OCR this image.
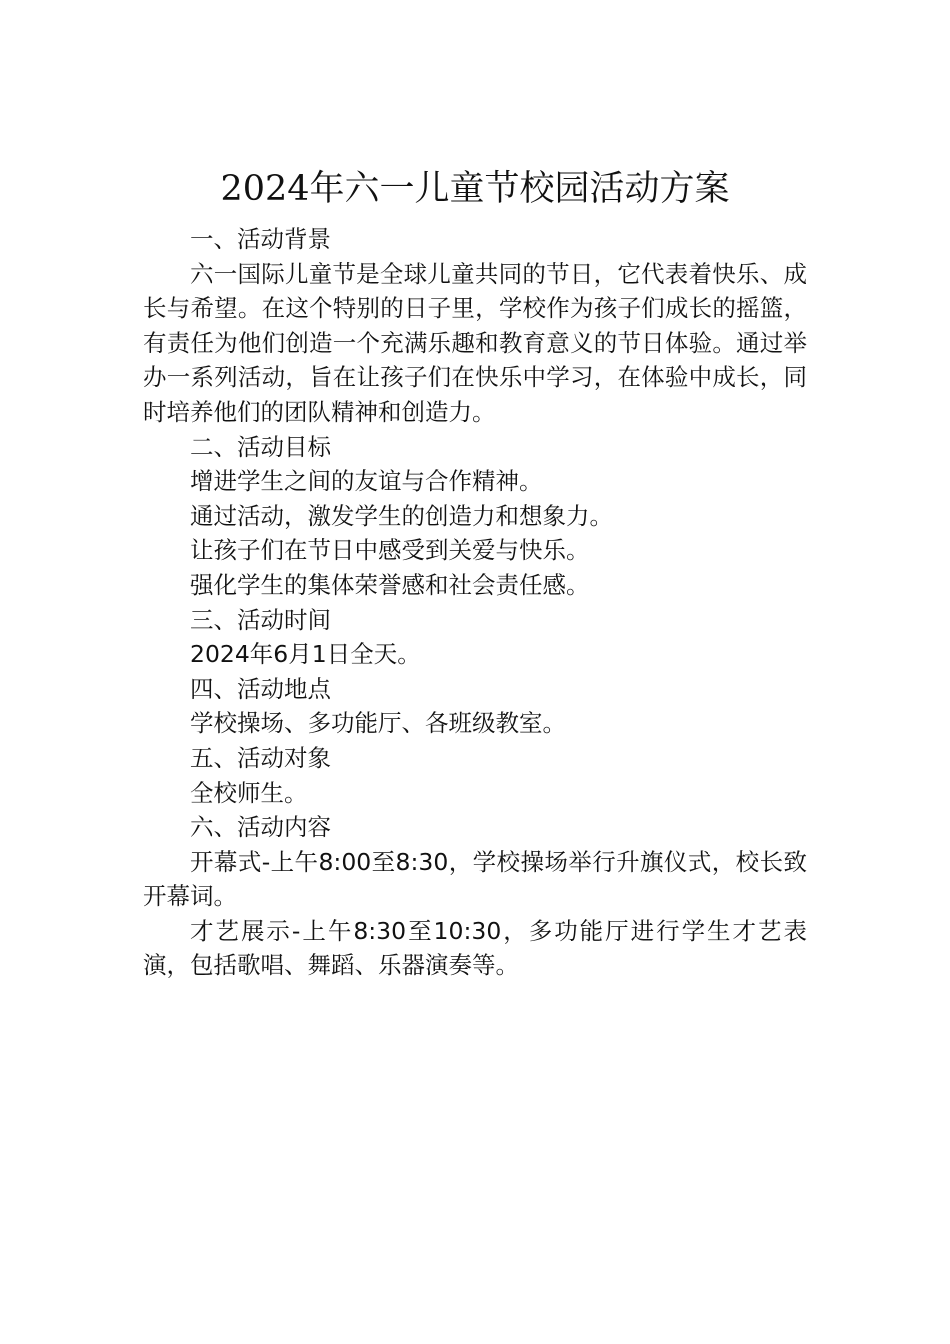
2024年六一儿童节校园活动方案

一、活动背景

六一国际儿童节是全球儿童共同的节日，它代表着快乐、成长与希望。在这个特别的日子里，学校作为孩子们成长的摇篮，有责任为他们创造一个充满乐趣和教育意义的节日体验。通过举办一系列活动，旨在让孩子们在快乐中学习，在体验中成长，同时培养他们的团队精神和创造力。

二、活动目标

增进学生之间的友谊与合作精神。

通过活动，激发学生的创造力和想象力。

让孩子们在节日中感受到关爱与快乐。

强化学生的集体荣誉感和社会责任感。

三、活动时间

2024年6月1日全天。

四、活动地点

学校操场、多功能厅、各班级教室。

五、活动对象

全校师生。

六、活动内容

开幕式-上午8:00至8:30，学校操场举行升旗仪式，校长致开幕词。

才艺展示-上午8:30至10:30，多功能厅进行学生才艺表演，包括歌唱、舞蹈、乐器演奏等。
